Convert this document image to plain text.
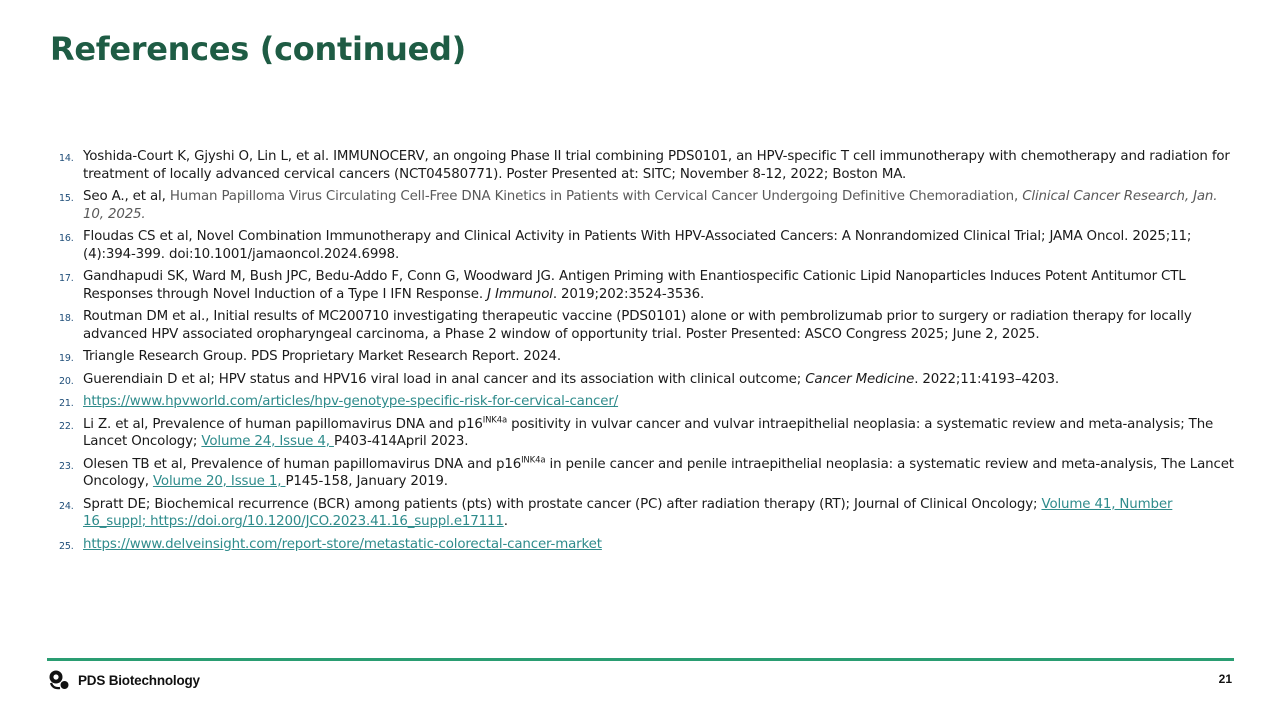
References (continued)
14. Yoshida-Court K, Gjyshi O, Lin L, et al. IMMUNOCERV, an ongoing Phase II trial combining PDS0101, an HPV-specific T cell immunotherapy with chemotherapy and radiation for treatment of locally advanced cervical cancers (NCT04580771). Poster Presented at: SITC; November 8-12, 2022; Boston MA.
15. Seo A., et al, Human Papilloma Virus Circulating Cell-Free DNA Kinetics in Patients with Cervical Cancer Undergoing Definitive Chemoradiation, Clinical Cancer Research, Jan. 10, 2025.
16. Floudas CS et al, Novel Combination Immunotherapy and Clinical Activity in Patients With HPV-Associated Cancers: A Nonrandomized Clinical Trial; JAMA Oncol. 2025;11;(4):394-399. doi:10.1001/jamaoncol.2024.6998.
17. Gandhapudi SK, Ward M, Bush JPC, Bedu-Addo F, Conn G, Woodward JG. Antigen Priming with Enantiospecific Cationic Lipid Nanoparticles Induces Potent Antitumor CTL Responses through Novel Induction of a Type I IFN Response. J Immunol. 2019;202:3524-3536.
18. Routman DM et al., Initial results of MC200710 investigating therapeutic vaccine (PDS0101) alone or with pembrolizumab prior to surgery or radiation therapy for locally advanced HPV associated oropharyngeal carcinoma, a Phase 2 window of opportunity trial. Poster Presented: ASCO Congress 2025; June 2, 2025.
19. Triangle Research Group. PDS Proprietary Market Research Report. 2024.
20. Guerendiain D et al; HPV status and HPV16 viral load in anal cancer and its association with clinical outcome; Cancer Medicine. 2022;11:4193–4203.
21. https://www.hpvworld.com/articles/hpv-genotype-specific-risk-for-cervical-cancer/
22. Li Z. et al, Prevalence of human papillomavirus DNA and $p16^{INK4a}$ positivity in vulvar cancer and vulvar intraepithelial neoplasia: a systematic review and meta-analysis; The Lancet Oncology; Volume 24, Issue 4, P403-414April 2023.
23. Olesen TB et al, Prevalence of human papillomavirus DNA and $p16^{INK4a}$ in penile cancer and penile intraepithelial neoplasia: a systematic review and meta-analysis, The Lancet Oncology, Volume 20, Issue 1, P145-158, January 2019.
24. Spratt DE; Biochemical recurrence (BCR) among patients (pts) with prostate cancer (PC) after radiation therapy (RT); Journal of Clinical Oncology; Volume 41, Number 16_suppl; https://doi.org/10.1200/JCO.2023.41.16_suppl.e17111.
25. https://www.delveinsight.com/report-store/metastatic-colorectal-cancer-market
PDS Biotechnology	21
